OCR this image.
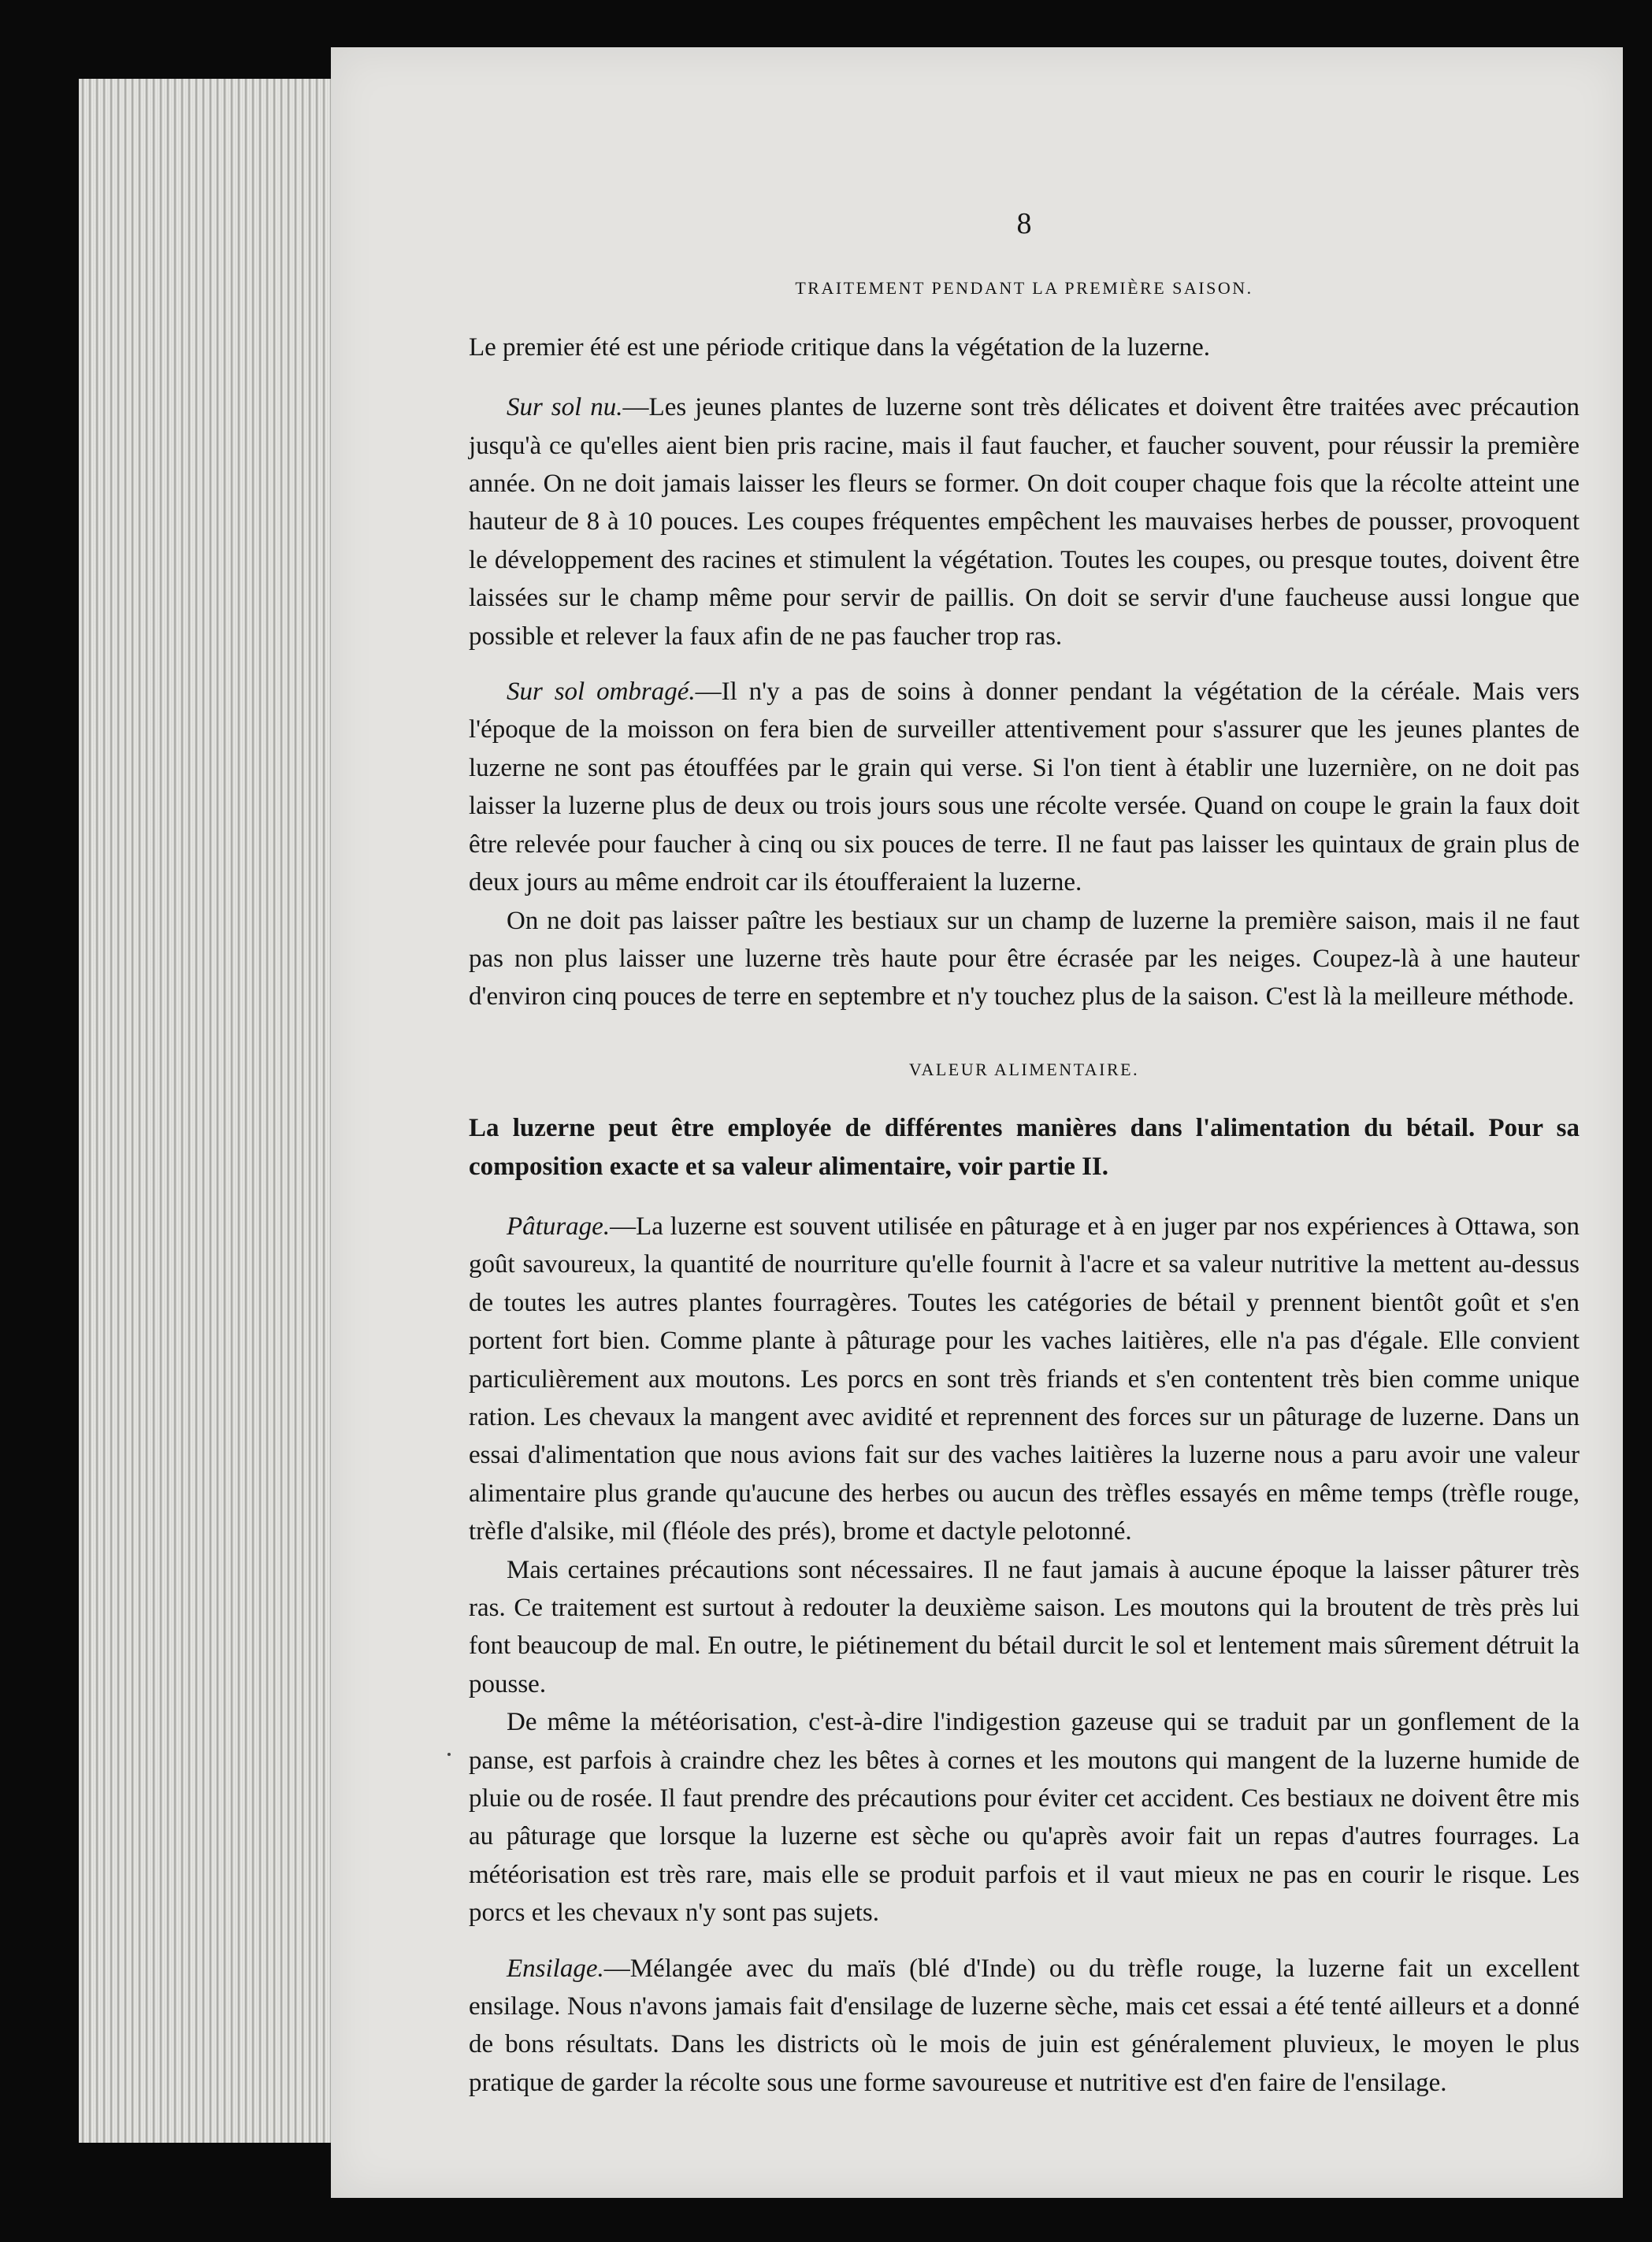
8
TRAITEMENT PENDANT LA PREMIÈRE SAISON.

Le premier été est une période critique dans la végétation de la luzerne.

Sur sol nu.—Les jeunes plantes de luzerne sont très délicates et doivent être traitées avec précaution jusqu'à ce qu'elles aient bien pris racine, mais il faut faucher, et faucher souvent, pour réussir la première année. On ne doit jamais laisser les fleurs se former. On doit couper chaque fois que la récolte atteint une hauteur de 8 à 10 pouces. Les coupes fréquentes empêchent les mauvaises herbes de pousser, provoquent le développement des racines et stimulent la végétation. Toutes les coupes, ou presque toutes, doivent être laissées sur le champ même pour servir de paillis. On doit se servir d'une faucheuse aussi longue que possible et relever la faux afin de ne pas faucher trop ras.

Sur sol ombragé.—Il n'y a pas de soins à donner pendant la végétation de la céréale. Mais vers l'époque de la moisson on fera bien de surveiller attentivement pour s'assurer que les jeunes plantes de luzerne ne sont pas étouffées par le grain qui verse. Si l'on tient à établir une luzernière, on ne doit pas laisser la luzerne plus de deux ou trois jours sous une récolte versée. Quand on coupe le grain la faux doit être relevée pour faucher à cinq ou six pouces de terre. Il ne faut pas laisser les quintaux de grain plus de deux jours au même endroit car ils étoufferaient la luzerne.

On ne doit pas laisser paître les bestiaux sur un champ de luzerne la première saison, mais il ne faut pas non plus laisser une luzerne très haute pour être écrasée par les neiges. Coupez-là à une hauteur d'environ cinq pouces de terre en septembre et n'y touchez plus de la saison. C'est là la meilleure méthode.

VALEUR ALIMENTAIRE.

La luzerne peut être employée de différentes manières dans l'alimentation du bétail. Pour sa composition exacte et sa valeur alimentaire, voir partie II.

Pâturage.—La luzerne est souvent utilisée en pâturage et à en juger par nos expériences à Ottawa, son goût savoureux, la quantité de nourriture qu'elle fournit à l'acre et sa valeur nutritive la mettent au-dessus de toutes les autres plantes fourragères. Toutes les catégories de bétail y prennent bientôt goût et s'en portent fort bien. Comme plante à pâturage pour les vaches laitières, elle n'a pas d'égale. Elle convient particulièrement aux moutons. Les porcs en sont très friands et s'en contentent très bien comme unique ration. Les chevaux la mangent avec avidité et reprennent des forces sur un pâturage de luzerne. Dans un essai d'alimentation que nous avions fait sur des vaches laitières la luzerne nous a paru avoir une valeur alimentaire plus grande qu'aucune des herbes ou aucun des trèfles essayés en même temps (trèfle rouge, trèfle d'alsike, mil (fléole des prés), brome et dactyle pelotonné.

Mais certaines précautions sont nécessaires. Il ne faut jamais à aucune époque la laisser pâturer très ras. Ce traitement est surtout à redouter la deuxième saison. Les moutons qui la broutent de très près lui font beaucoup de mal. En outre, le piétinement du bétail durcit le sol et lentement mais sûrement détruit la pousse.

De même la météorisation, c'est-à-dire l'indigestion gazeuse qui se traduit par un gonflement de la panse, est parfois à craindre chez les bêtes à cornes et les moutons qui mangent de la luzerne humide de pluie ou de rosée. Il faut prendre des précautions pour éviter cet accident. Ces bestiaux ne doivent être mis au pâturage que lorsque la luzerne est sèche ou qu'après avoir fait un repas d'autres fourrages. La météorisation est très rare, mais elle se produit parfois et il vaut mieux ne pas en courir le risque. Les porcs et les chevaux n'y sont pas sujets.

Ensilage.—Mélangée avec du maïs (blé d'Inde) ou du trèfle rouge, la luzerne fait un excellent ensilage. Nous n'avons jamais fait d'ensilage de luzerne sèche, mais cet essai a été tenté ailleurs et a donné de bons résultats. Dans les districts où le mois de juin est généralement pluvieux, le moyen le plus pratique de garder la récolte sous une forme savoureuse et nutritive est d'en faire de l'ensilage.
